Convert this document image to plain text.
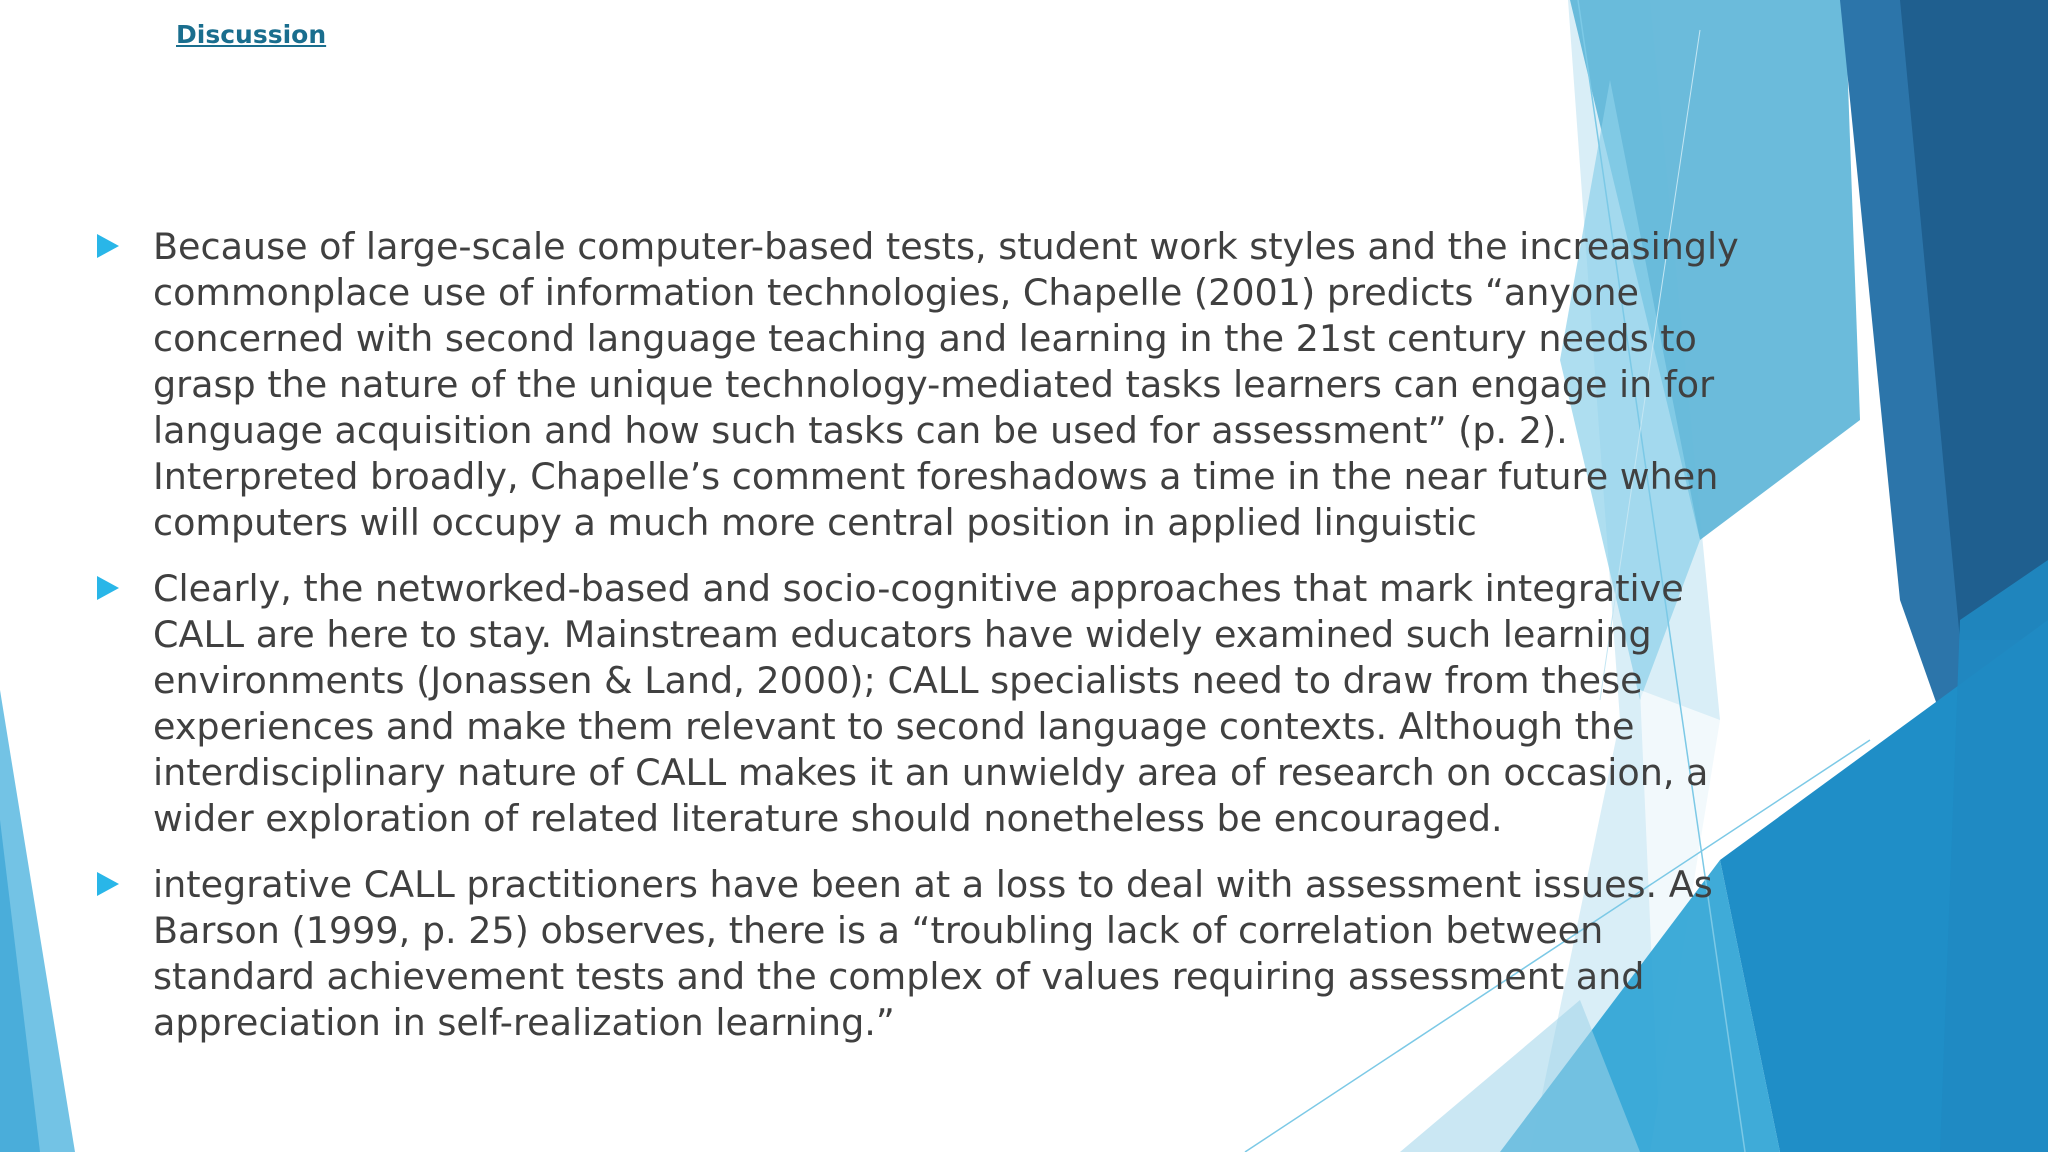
Discussion
Because of large-scale computer-based tests, student work styles and the increasingly commonplace use of information technologies, Chapelle (2001) predicts “anyone concerned with second language teaching and learning in the 21st century needs to grasp the nature of the unique technology-mediated tasks learners can engage in for language acquisition and how such tasks can be used for assessment” (p. 2). Interpreted broadly, Chapelle’s comment foreshadows a time in the near future when computers will occupy a much more central position in applied linguistic
Clearly, the networked-based and socio-cognitive approaches that mark integrative CALL are here to stay. Mainstream educators have widely examined such learning environments (Jonassen & Land, 2000); CALL specialists need to draw from these experiences and make them relevant to second language contexts. Although the interdisciplinary nature of CALL makes it an unwieldy area of research on occasion, a wider exploration of related literature should nonetheless be encouraged.
integrative CALL practitioners have been at a loss to deal with assessment issues. As Barson (1999, p. 25) observes, there is a “troubling lack of correlation between standard achievement tests and the complex of values requiring assessment and appreciation in self-realization learning.”
